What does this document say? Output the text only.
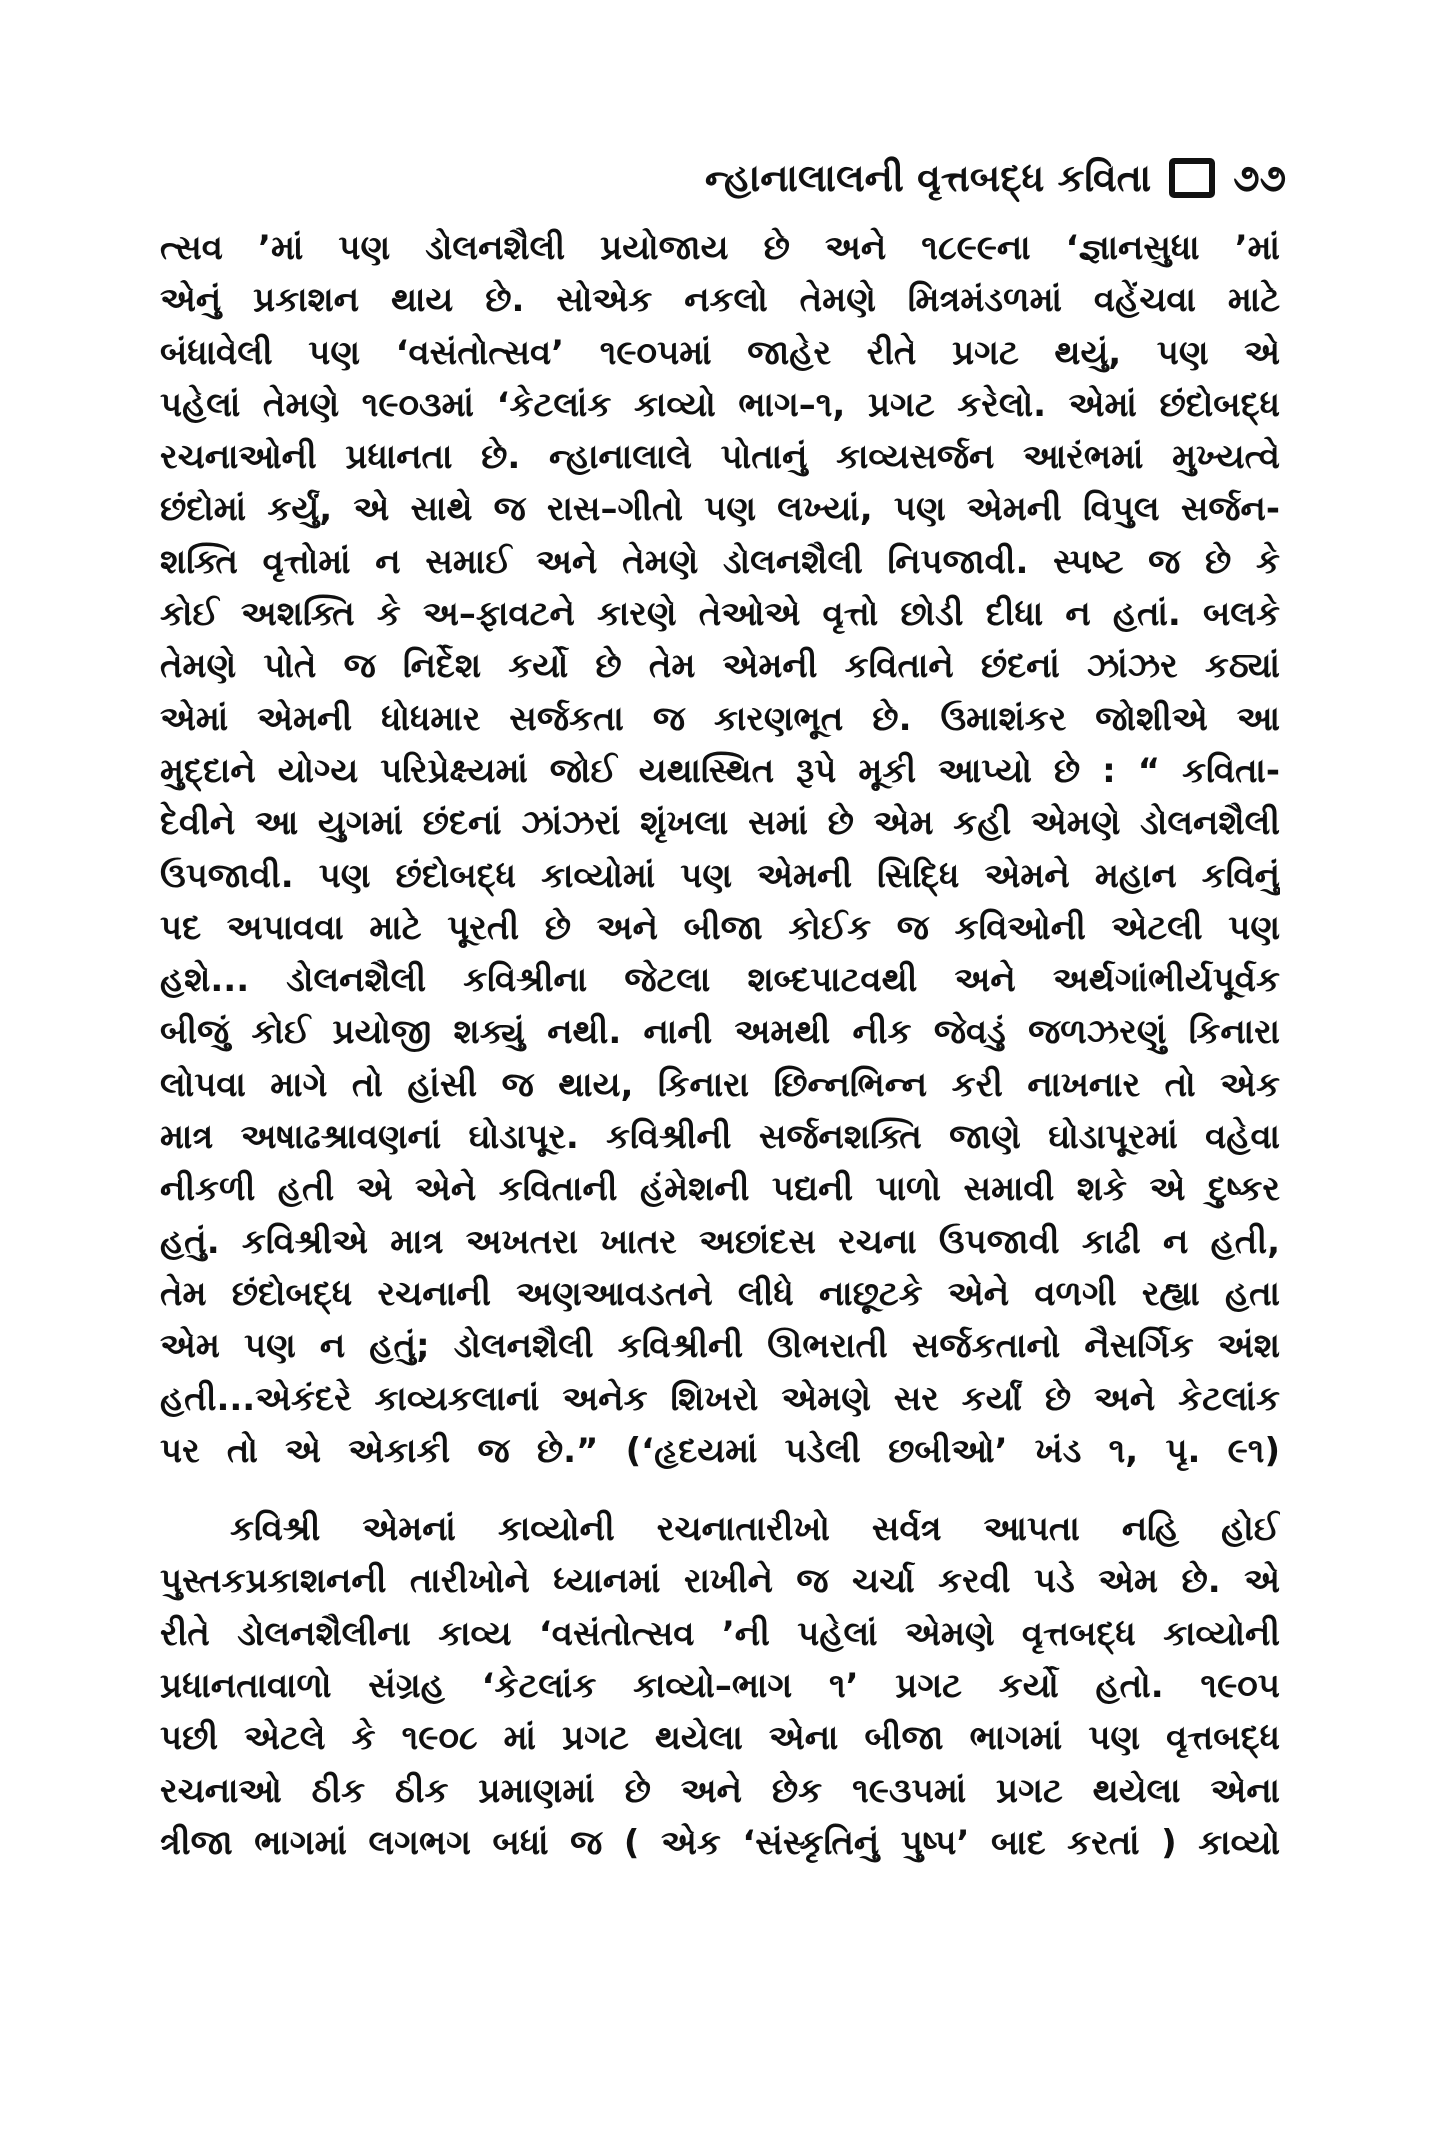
ન્હાનાલાલની વૃત્તબદ્ધ કવિતા ૭૭
ત્સવ ’માં પણ ડોલનશૈલી પ્રયોજાય છે અને ૧૮૯૯ના ‘જ્ઞાનસુધા ’માં
એનું પ્રકાશન થાય છે. સોએક નકલો તેમણે મિત્રમંડળમાં વહેંચવા માટે
બંધાવેલી પણ ‘વસંતોત્સવ’ ૧૯૦૫માં જાહેર રીતે પ્રગટ થયું, પણ એ
પહેલાં તેમણે ૧૯૦૩માં ‘કેટલાંક કાવ્યો ભાગ–૧, પ્રગટ કરેલો. એમાં છંદોબદ્ધ
રચનાઓની પ્રધાનતા છે. ન્હાનાલાલે પોતાનું કાવ્યસર્જન આરંભમાં મુખ્યત્વે
છંદોમાં કર્યું, એ સાથે જ રાસ–ગીતો પણ લખ્યાં, પણ એમની વિપુલ સર્જન-
શક્તિ વૃત્તોમાં ન સમાઈ અને તેમણે ડોલનશૈલી નિપજાવી. સ્પષ્ટ જ છે કે
કોઈ અશક્તિ કે અ–ફાવટને કારણે તેઓએ વૃત્તો છોડી દીધા ન હતાં. બલકે
તેમણે પોતે જ નિર્દેશ કર્યો છે તેમ એમની કવિતાને છંદનાં ઝાંઝર કઠ્યાં
એમાં એમની ધોધમાર સર્જકતા જ કારણભૂત છે. ઉમાશંકર જોશીએ આ
મુદ્દાને યોગ્ય પરિપ્રેક્ષ્યમાં જોઈ યથાસ્થિત રૂપે મૂકી આપ્યો છે : “ કવિતા-
દેવીને આ યુગમાં છંદનાં ઝાંઝરાં શૃંખલા સમાં છે એમ કહી એમણે ડોલનશૈલી
ઉપજાવી. પણ છંદોબદ્ધ કાવ્યોમાં પણ એમની સિદ્ધિ એમને મહાન કવિનું
પદ અપાવવા માટે પૂરતી છે અને બીજા કોઈક જ કવિઓની એટલી પણ
હશે... ડોલનશૈલી કવિશ્રીના જેટલા શબ્દપાટવથી અને અર્થગાંભીર્યપૂર્વક
બીજું કોઈ પ્રયોજી શક્યું નથી. નાની અમથી નીક જેવડું જળઝરણું કિનારા
લોપવા માગે તો હાંસી જ થાય, કિનારા છિન્નભિન્ન કરી નાખનાર તો એક
માત્ર અષાઢશ્રાવણનાં ઘોડાપૂર. કવિશ્રીની સર્જનશક્તિ જાણે ઘોડાપૂરમાં વહેવા
નીકળી હતી એ એને કવિતાની હંમેશની પદ્યની પાળો સમાવી શકે એ દુષ્કર
હતું. કવિશ્રીએ માત્ર અખતરા ખાતર અછાંદસ રચના ઉપજાવી કાઢી ન હતી,
તેમ છંદોબદ્ધ રચનાની અણઆવડતને લીધે નાછૂટકે એને વળગી રહ્યા હતા
એમ પણ ન હતું; ડોલનશૈલી કવિશ્રીની ઊભરાતી સર્જકતાનો નૈસર્ગિક અંશ
હતી...એકંદરે કાવ્યકલાનાં અનેક શિખરો એમણે સર કર્યાં છે અને કેટલાંક
પર તો એ એકાકી જ છે.” (‘હૃદયમાં પડેલી છબીઓ’ ખંડ ૧, પૃ. ૯૧)
કવિશ્રી એમનાં કાવ્યોની રચનાતારીખો સર્વત્ર આપતા નહિ હોઈ
પુસ્તકપ્રકાશનની તારીખોને ધ્યાનમાં રાખીને જ ચર્ચા કરવી પડે એમ છે. એ
રીતે ડોલનશૈલીના કાવ્ય ‘વસંતોત્સવ ’ની પહેલાં એમણે વૃત્તબદ્ધ કાવ્યોની
પ્રધાનતાવાળો સંગ્રહ ‘કેટલાંક કાવ્યો–ભાગ ૧’ પ્રગટ કર્યો હતો. ૧૯૦૫
પછી એટલે કે ૧૯૦૮ માં પ્રગટ થયેલા એના બીજા ભાગમાં પણ વૃત્તબદ્ધ
રચનાઓ ઠીક ઠીક પ્રમાણમાં છે અને છેક ૧૯૩૫માં પ્રગટ થયેલા એના
ત્રીજા ભાગમાં લગભગ બધાં જ ( એક ‘સંસ્કૃતિનું પુષ્પ’ બાદ કરતાં ) કાવ્યો
